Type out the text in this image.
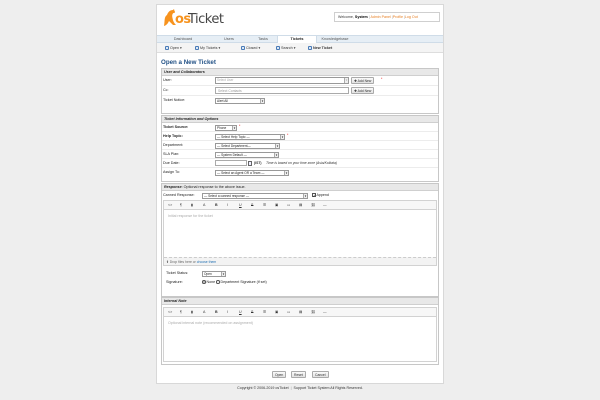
os
Ticket	Welcome, System | Admin Panel |Profile |Log Out
Dashboard	Users	Tasks	Tickets	Knowledgebase
Open ▾	My Tickets ▾	Closed ▾	Search ▾	New Ticket
Open a New Ticket
User and Collaborators
User:	Select User	▾	✚ Add New	*
Cc:	Select Contacts	✚ Add New
Ticket Notice:	Alert All	▾
Ticket Information and Options
Ticket Source:	Phone	▾ *
Help Topic:	— Select Help Topic —	▾ *
Department:	— Select Department—	▾
SLA Plan:	— System Default —	▾
Due Date:	(IST) Time is based on your time zone (Asia/Kolkata)
Assign To:	— Select an Agent OR a Team —	▾
Response: Optional response to the above issue.
Canned Response:	— Select a canned response —	▾
✓	Append
<> ¶	▮	A	B	I	U	S	☰ ▣ ▭ ▤ ⛓ —
Initial response for the ticket
⬆ Drop files here or choose them
Ticket Status:	Open	▾
Signature:	None	Department Signature (if set)
Internal Note
<> ¶	▮	A	B	I	U	S	☰ ▣ ▭ ▤ ⛓ —
Optional internal note (recommended on assignment)
Open	Reset	Cancel
Copyright © 2006-2019 osTicket | Support Ticket System All Rights Reserved.
